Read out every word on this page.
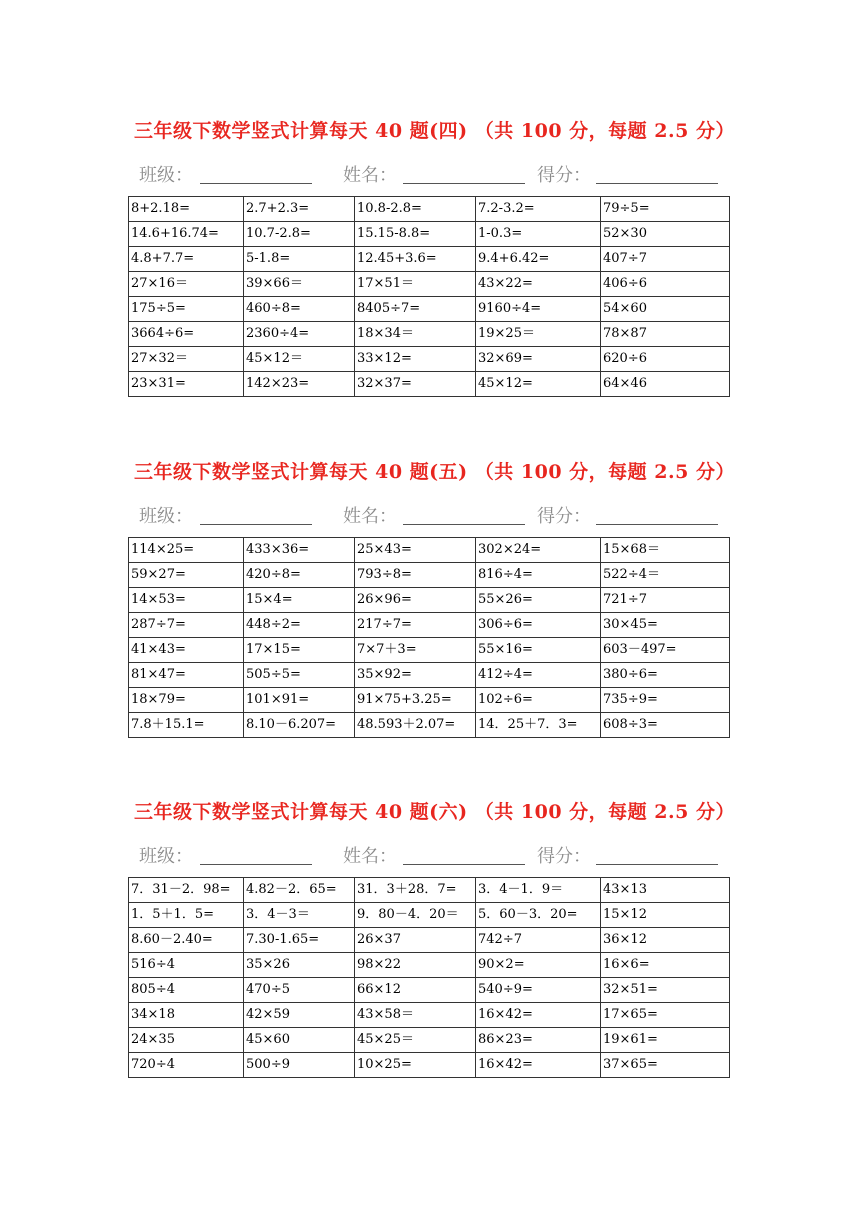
三年级下数学竖式计算每天 40 题(四) （共 100 分，每题 2.5 分）
班级：	姓名：	得分：
8+2.18=	2.7+2.3=	10.8-2.8=	7.2-3.2=	79÷5=
14.6+16.74=	10.7-2.8=	15.15-8.8=	1-0.3=	52×30
4.8+7.7=	5-1.8=	12.45+3.6=	9.4+6.42=	407÷7
27×16＝	39×66＝	17×51＝	43×22=	406÷6
175÷5=	460÷8=	8405÷7=	9160÷4=	54×60
3664÷6=	2360÷4=	18×34＝	19×25＝	78×87
27×32＝	45×12＝	33×12=	32×69=	620÷6
23×31=	142×23=	32×37=	45×12=	64×46
三年级下数学竖式计算每天 40 题(五) （共 100 分，每题 2.5 分）
班级：	姓名：	得分：
114×25=	433×36=	25×43=	302×24=	15×68＝
59×27=	420÷8=	793÷8=	816÷4=	522÷4＝
14×53=	15×4=	26×96=	55×26=	721÷7
287÷7=	448÷2=	217÷7=	306÷6=	30×45=
41×43=	17×15=	7×7＋3=	55×16=	603－497=
81×47=	505÷5=	35×92=	412÷4=	380÷6=
18×79=	101×91=	91×75+3.25=	102÷6=	735÷9=
7.8＋15.1=	8.10－6.207=	48.593＋2.07=	14．25＋7．3=	608÷3=
三年级下数学竖式计算每天 40 题(六) （共 100 分，每题 2.5 分）
班级：	姓名：	得分：
7．31－2．98=	4.82－2．65=	31．3＋28．7=	3．4－1．9＝	43×13
1．5＋1．5=	3．4－3＝	9．80－4．20＝	5．60－3．20=	15×12
8.60－2.40=	7.30-1.65=	26×37	742÷7	36×12
516÷4	35×26	98×22	90×2=	16×6=
805÷4	470÷5	66×12	540÷9=	32×51=
34×18	42×59	43×58＝	16×42=	17×65=
24×35	45×60	45×25＝	86×23=	19×61=
720÷4	500÷9	10×25=	16×42=	37×65=
